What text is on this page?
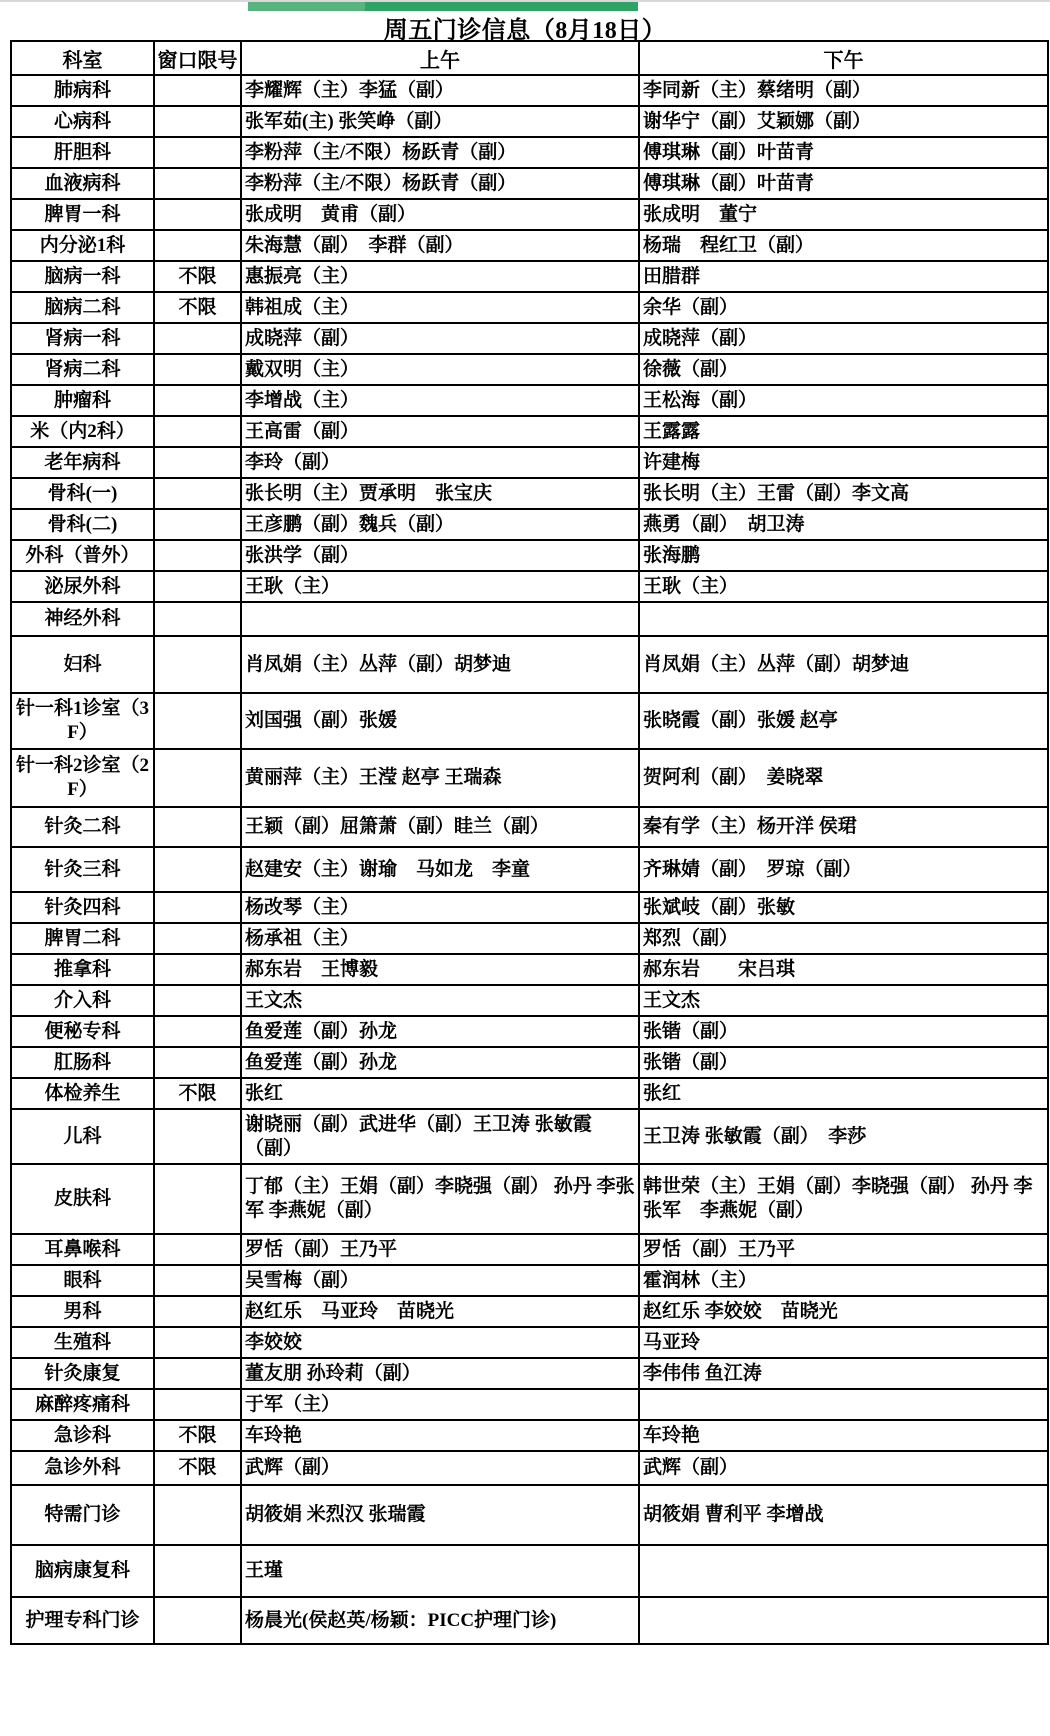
周五门诊信息（8月18日）
科室	窗口限号	上午	下午
肺病科		李耀辉（主）李猛（副）	李同新（主）蔡绪明（副）
心病科		张军茹(主) 张笑峥（副）	谢华宁（副）艾颖娜（副）
肝胆科		李粉萍（主/不限）杨跃青（副）	傅琪琳（副）叶苗青
血液病科		李粉萍（主/不限）杨跃青（副）	傅琪琳（副）叶苗青
脾胃一科		张成明　黄甫（副）	张成明　董宁
内分泌1科		朱海慧（副）　李群（副）	杨瑞　程红卫（副）
脑病一科	不限	惠振亮（主）	田腊群
脑病二科	不限	韩祖成（主）	余华（副）
肾病一科		成晓萍（副）	成晓萍（副）
肾病二科		戴双明（主）	徐薇（副）
肿瘤科		李增战（主）	王松海（副）
米（内2科）		王高雷（副）	王露露
老年病科		李玲（副）	许建梅
骨科(一)		张长明（主）贾承明　张宝庆	张长明（主）王雷（副）李文高
骨科(二)		王彦鹏（副）魏兵（副）	燕勇（副）　胡卫涛
外科（普外）		张洪学（副）	张海鹏
泌尿外科		王耿（主）	王耿（主）
神经外科			
妇科		肖凤娟（主）丛萍（副）胡梦迪	肖凤娟（主）丛萍（副）胡梦迪
针一科1诊室（3F）		刘国强（副）张媛	张晓霞（副）张媛 赵亭
针一科2诊室（2F）		黄丽萍（主）王滢 赵亭 王瑞森	贺阿利（副）　姜晓翠
针灸二科		王颖（副）屈箫萧（副）眭兰（副）	秦有学（主）杨开洋 侯珺
针灸三科		赵建安（主）谢瑜　马如龙　李童	齐琳婧（副）　罗琼（副）
针灸四科		杨改琴（主）	张斌岐（副）张敏
脾胃二科		杨承祖（主）	郑烈（副）
推拿科		郝东岩　王博毅	郝东岩　　宋吕琪
介入科		王文杰	王文杰
便秘专科		鱼爱莲（副）孙龙	张锴（副）
肛肠科		鱼爱莲（副）孙龙	张锴（副）
体检养生	不限	张红	张红
儿科		谢晓丽（副）武进华（副）王卫涛 张敏霞 （副）	王卫涛 张敏霞（副）　李莎
皮肤科		丁郁（主）王娟（副）李晓强（副） 孙丹 李张军 李燕妮（副）	韩世荣（主）王娟（副）李晓强（副） 孙丹 李张军　李燕妮（副）
耳鼻喉科		罗恬（副）王乃平	罗恬（副）王乃平
眼科		吴雪梅（副）	霍润林（主）
男科		赵红乐　马亚玲　苗晓光	赵红乐 李姣姣　苗晓光
生殖科		李姣姣	马亚玲
针灸康复		董友朋 孙玲莉（副）	李伟伟 鱼江涛
麻醉疼痛科		于军（主）	
急诊科	不限	车玲艳	车玲艳
急诊外科	不限	武辉（副）	武辉（副）
特需门诊		胡筱娟 米烈汉 张瑞霞	胡筱娟 曹利平 李增战
脑病康复科		王瑾	
护理专科门诊		杨晨光(侯赵英/杨颖：PICC护理门诊)	
